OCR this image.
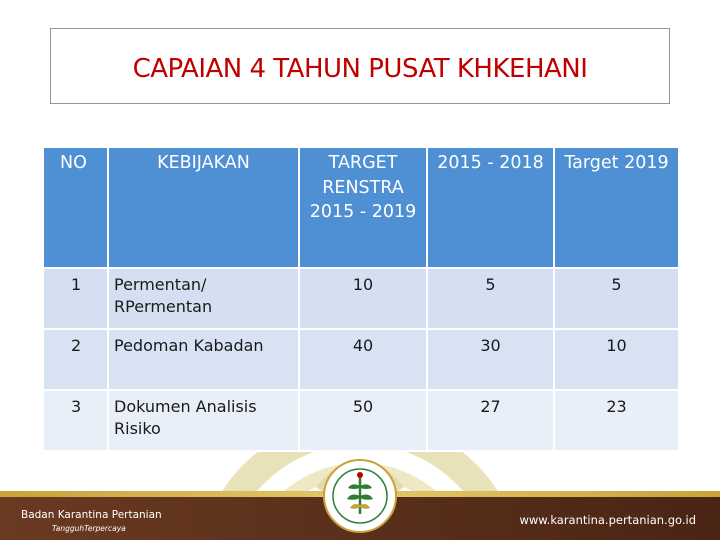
CAPAIAN 4 TAHUN PUSAT KHKEHANI
NO	KEBIJAKAN	TARGET RENSTRA 2015 - 2019	2015 - 2018	Target 2019
1	Permentan/ RPermentan	10	5	5
2	Pedoman Kabadan	40	30	10
3	Dokumen Analisis Risiko	50	27	23
Badan Karantina Pertanian
TangguhTerpercaya
www.karantina.pertanian.go.id
